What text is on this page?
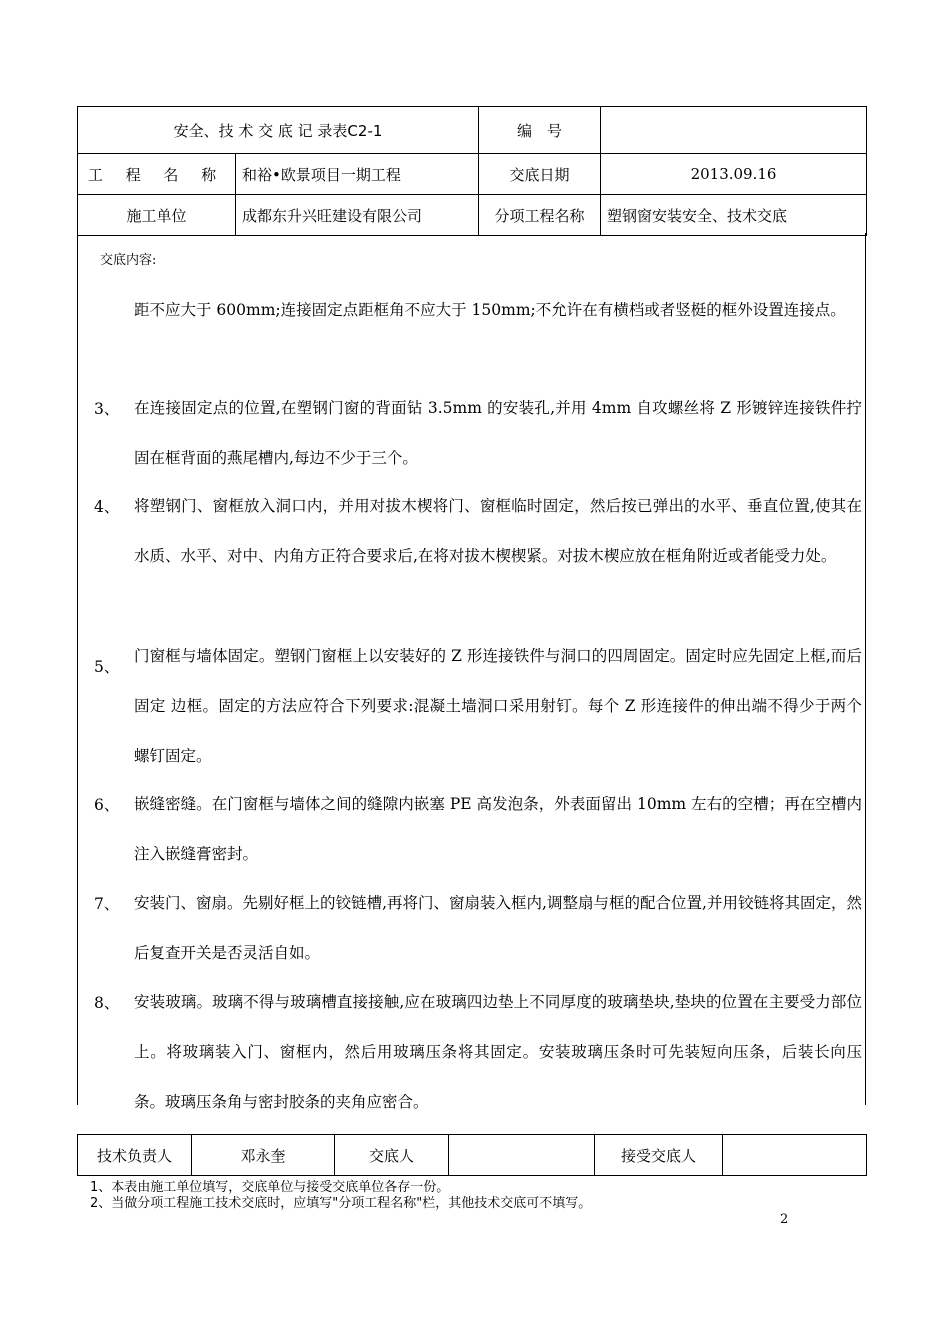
安全、技 术 交 底 记 录表C2-1		编　号	
工 程 名 称	和裕•欧景项目一期工程	交底日期	2013.09.16
施工单位	成都东升兴旺建设有限公司	分项工程名称	塑钢窗安装安全、技术交底
交底内容:
距不应大于 600mm;连接固定点距框角不应大于 150mm;不允许在有横档或者竖梃的框外设置连接点。
3、 在连接固定点的位置,在塑钢门窗的背面钻 3.5mm 的安装孔,并用 4mm 自攻螺丝将 Z 形镀锌连接铁件拧固在框背面的燕尾槽内,每边不少于三个。
4、 将塑钢门、窗框放入洞口内，并用对拔木楔将门、窗框临时固定，然后按已弹出的水平、垂直位置,使其在水质、水平、对中、内角方正符合要求后,在将对拔木楔楔紧。对拔木楔应放在框角附近或者能受力处。
5、
门窗框与墙体固定。塑钢门窗框上以安装好的 Z 形连接铁件与洞口的四周固定。固定时应先固定上框,而后固定 边框。固定的方法应符合下列要求:混凝土墙洞口采用射钉。每个 Z 形连接件的伸出端不得少于两个螺钉固定。
6、 嵌缝密缝。在门窗框与墙体之间的缝隙内嵌塞 PE 高发泡条，外表面留出 10mm 左右的空槽；再在空槽内注入嵌缝膏密封。
7、 安装门、窗扇。先剔好框上的铰链槽,再将门、窗扇装入框内,调整扇与框的配合位置,并用铰链将其固定，然后复查开关是否灵活自如。
8、 安装玻璃。玻璃不得与玻璃槽直接接触,应在玻璃四边垫上不同厚度的玻璃垫块,垫块的位置在主要受力部位上。将玻璃装入门、窗框内，然后用玻璃压条将其固定。安装玻璃压条时可先装短向压条，后装长向压条。玻璃压条角与密封胶条的夹角应密合。
技术负责人	邓永奎	交底人		接受交底人	
1、本表由施工单位填写，交底单位与接受交底单位各存一份。
2、当做分项工程施工技术交底时，应填写"分项工程名称"栏，其他技术交底可不填写。
2
